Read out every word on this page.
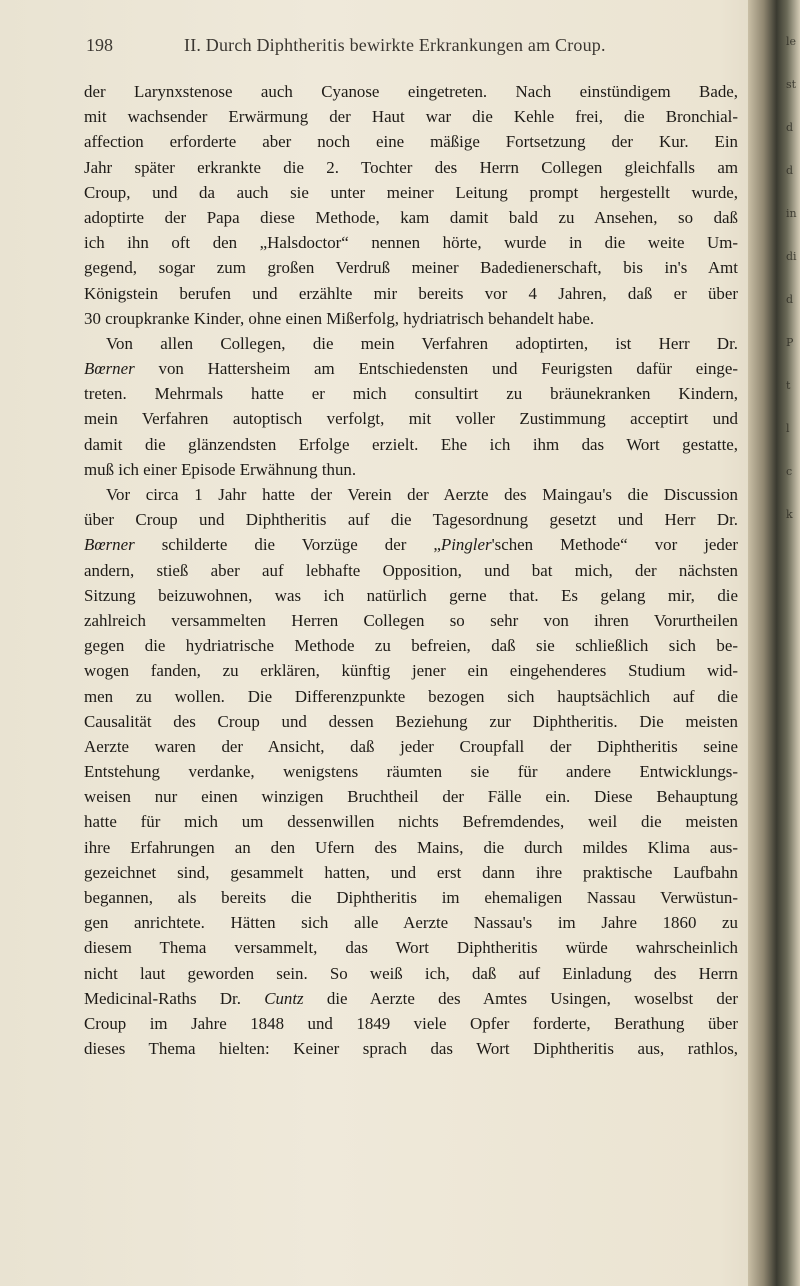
198	II. Durch Diphtheritis bewirkte Erkrankungen am Croup.
der Larynxstenose auch Cyanose eingetreten. Nach einstündigem Bade,
mit wachsender Erwärmung der Haut war die Kehle frei, die Bronchial-
affection erforderte aber noch eine mäßige Fortsetzung der Kur. Ein
Jahr später erkrankte die 2. Tochter des Herrn Collegen gleichfalls am
Croup, und da auch sie unter meiner Leitung prompt hergestellt wurde,
adoptirte der Papa diese Methode, kam damit bald zu Ansehen, so daß
ich ihn oft den „Halsdoctor“ nennen hörte, wurde in die weite Um-
gegend, sogar zum großen Verdruß meiner Badedienerschaft, bis in's Amt
Königstein berufen und erzählte mir bereits vor 4 Jahren, daß er über
30 croupkranke Kinder, ohne einen Mißerfolg, hydriatrisch behandelt habe.
Von allen Collegen, die mein Verfahren adoptirten, ist Herr Dr.
Bœrner von Hattersheim am Entschiedensten und Feurigsten dafür einge-
treten. Mehrmals hatte er mich consultirt zu bräunekranken Kindern,
mein Verfahren autoptisch verfolgt, mit voller Zustimmung acceptirt und
damit die glänzendsten Erfolge erzielt. Ehe ich ihm das Wort gestatte,
muß ich einer Episode Erwähnung thun.
Vor circa 1 Jahr hatte der Verein der Aerzte des Maingau's die Discussion
über Croup und Diphtheritis auf die Tagesordnung gesetzt und Herr Dr.
Bœrner schilderte die Vorzüge der „Pingler'schen Methode“ vor jeder
andern, stieß aber auf lebhafte Opposition, und bat mich, der nächsten
Sitzung beizuwohnen, was ich natürlich gerne that. Es gelang mir, die
zahlreich versammelten Herren Collegen so sehr von ihren Vorurtheilen
gegen die hydriatrische Methode zu befreien, daß sie schließlich sich be-
wogen fanden, zu erklären, künftig jener ein eingehenderes Studium wid-
men zu wollen. Die Differenzpunkte bezogen sich hauptsächlich auf die
Causalität des Croup und dessen Beziehung zur Diphtheritis. Die meisten
Aerzte waren der Ansicht, daß jeder Croupfall der Diphtheritis seine
Entstehung verdanke, wenigstens räumten sie für andere Entwicklungs-
weisen nur einen winzigen Bruchtheil der Fälle ein. Diese Behauptung
hatte für mich um dessenwillen nichts Befremdendes, weil die meisten
ihre Erfahrungen an den Ufern des Mains, die durch mildes Klima aus-
gezeichnet sind, gesammelt hatten, und erst dann ihre praktische Laufbahn
begannen, als bereits die Diphtheritis im ehemaligen Nassau Verwüstun-
gen anrichtete. Hätten sich alle Aerzte Nassau's im Jahre 1860 zu
diesem Thema versammelt, das Wort Diphtheritis würde wahrscheinlich
nicht laut geworden sein. So weiß ich, daß auf Einladung des Herrn
Medicinal-Raths Dr. Cuntz die Aerzte des Amtes Usingen, woselbst der
Croup im Jahre 1848 und 1849 viele Opfer forderte, Berathung über
dieses Thema hielten: Keiner sprach das Wort Diphtheritis aus, rathlos,
le
st
d
d
in
di
d
P
t
l
c
k
